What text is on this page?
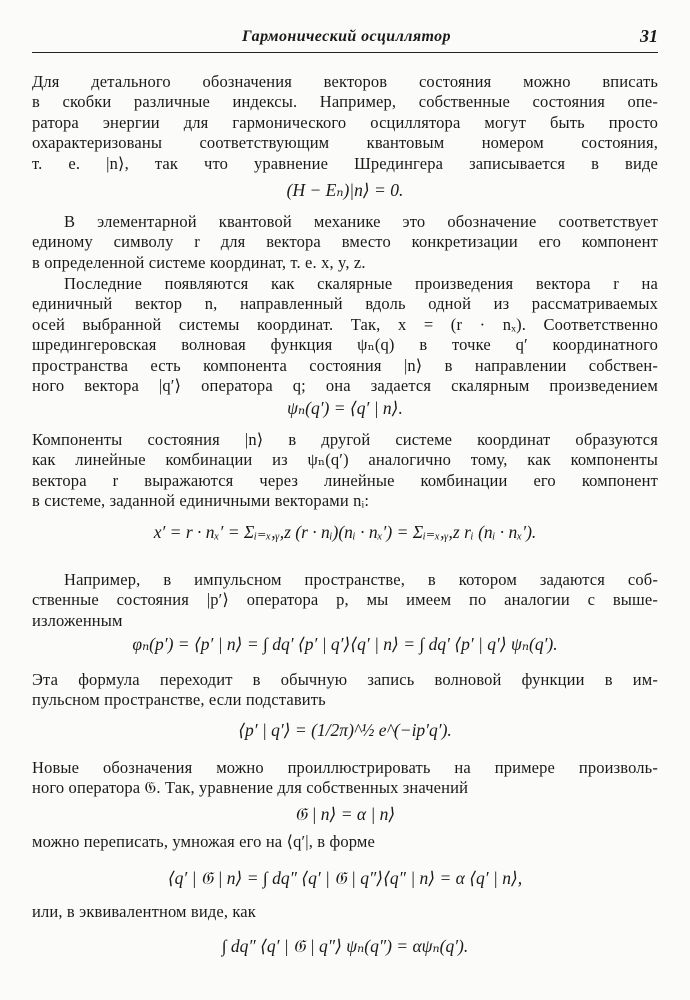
Гармонический осциллятор	31
Для детального обозначения векторов состояния можно вписать
в скобки различные индексы. Например, собственные состояния опе-
ратора энергии для гармонического осциллятора могут быть просто
охарактеризованы соответствующим квантовым номером состояния,
т. е. |n⟩, так что уравнение Шредингера записывается в виде
(H − Eₙ)|n⟩ = 0.
В элементарной квантовой механике это обозначение соответствует
единому символу r для вектора вместо конкретизации его компонент
в определенной системе координат, т. е. x, y, z.
Последние появляются как скалярные произведения вектора r на
единичный вектор n, направленный вдоль одной из рассматриваемых
осей выбранной системы координат. Так, x = (r · nₓ). Соответственно
шредингеровская волновая функция ψₙ(q) в точке q′ координатного
пространства есть компонента состояния |n⟩ в направлении собствен-
ного вектора |q′⟩ оператора q; она задается скалярным произведением
ψₙ(q′) = ⟨q′ | n⟩.
Компоненты состояния |n⟩ в другой системе координат образуются
как линейные комбинации из ψₙ(q′) аналогично тому, как компоненты
вектора r выражаются через линейные комбинации его компонент
в системе, заданной единичными векторами nᵢ:
x′ = r · nₓ′ = Σᵢ₌ₓ,ᵧ,z (r · nᵢ)(nᵢ · nₓ′) = Σᵢ₌ₓ,ᵧ,z rᵢ (nᵢ · nₓ′).
Например, в импульсном пространстве, в котором задаются соб-
ственные состояния |p′⟩ оператора p, мы имеем по аналогии с выше-
изложенным
φₙ(p′) = ⟨p′ | n⟩ = ∫ dq′ ⟨p′ | q′⟩⟨q′ | n⟩ = ∫ dq′ ⟨p′ | q′⟩ ψₙ(q′).
Эта формула переходит в обычную запись волновой функции в им-
пульсном пространстве, если подставить
⟨p′ | q′⟩ = (1/2π)^½ e^(−ip′q′).
Новые обозначения можно проиллюстрировать на примере произволь-
ного оператора 𝔊. Так, уравнение для собственных значений
𝔊 | n⟩ = α | n⟩
можно переписать, умножая его на ⟨q′|, в форме
⟨q′ | 𝔊 | n⟩ = ∫ dq″ ⟨q′ | 𝔊 | q″⟩⟨q″ | n⟩ = α ⟨q′ | n⟩,
или, в эквивалентном виде, как
∫ dq″ ⟨q′ | 𝔊 | q″⟩ ψₙ(q″) = αψₙ(q′).
